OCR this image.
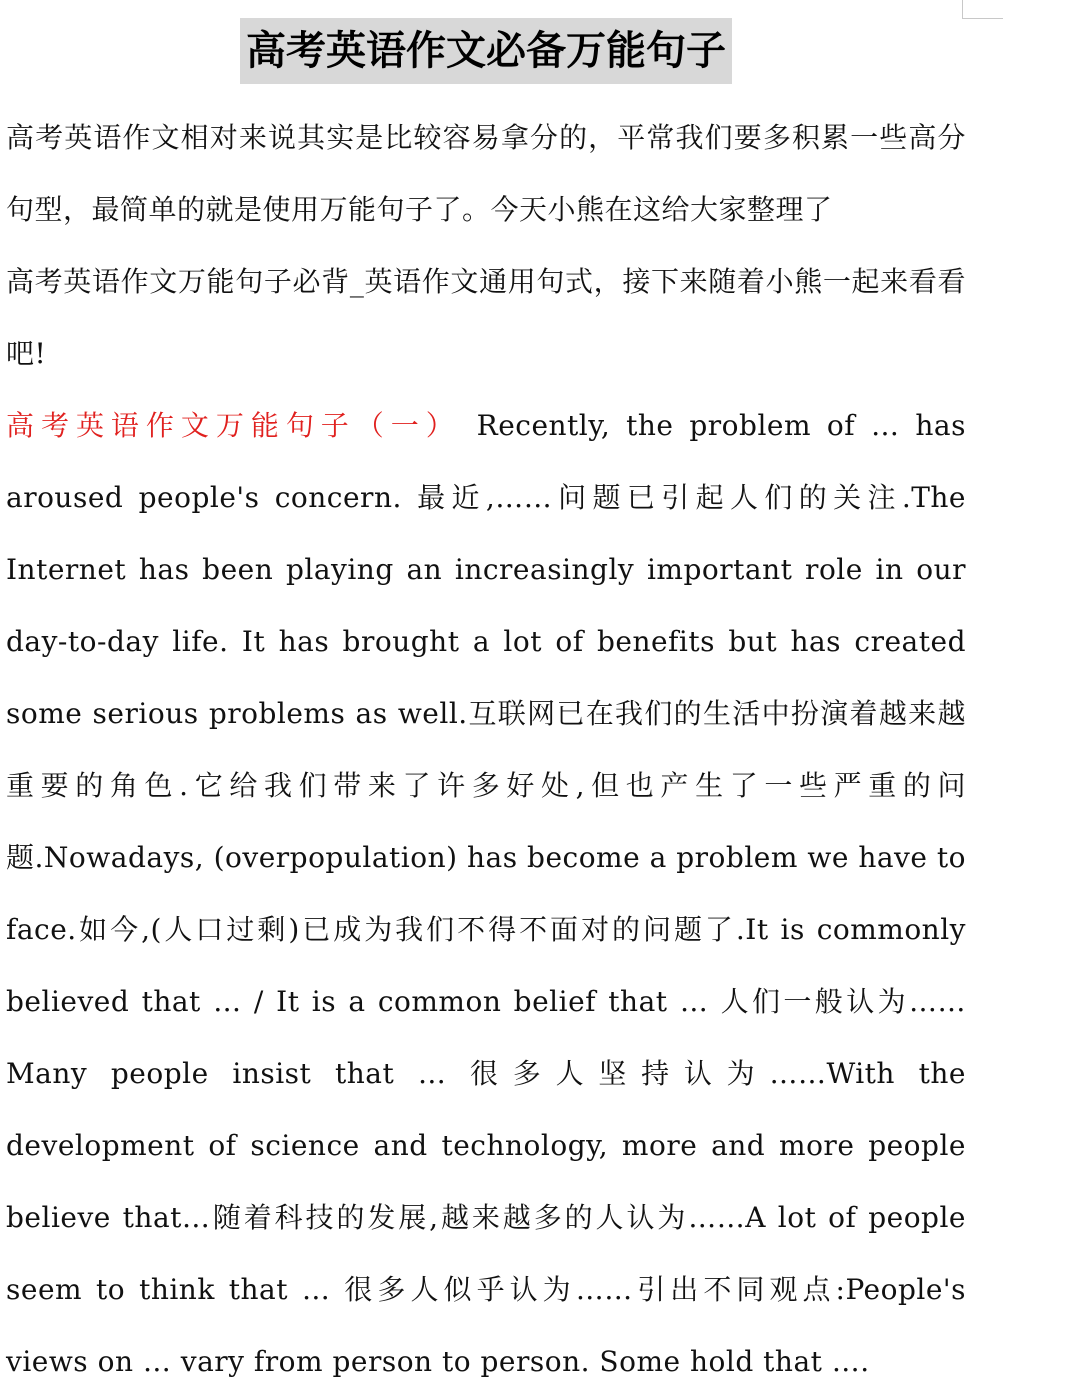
高考英语作文必备万能句子

高考英语作文相对来说其实是比较容易拿分的，平常我们要多积累一些高分句型，最简单的就是使用万能句子了。今天小熊在这给大家整理了

高考英语作文万能句子必背_英语作文通用句式，接下来随着小熊一起来看看吧!

高考英语作文万能句子（一） Recently, the problem of … has aroused people's concern. 最近,……问题已引起人们的关注.The Internet has been playing an increasingly important role in our day-to-day life. It has brought a lot of benefits but has created some serious problems as well.互联网已在我们的生活中扮演着越来越重要的角色.它给我们带来了许多好处,但也产生了一些严重的问题.Nowadays, (overpopulation) has become a problem we have to face.如今,(人口过剩)已成为我们不得不面对的问题了.It is commonly believed that … / It is a common belief that … 人们一般认为……Many people insist that … 很多人坚持认为……With the development of science and technology, more and more people believe that…随着科技的发展,越来越多的人认为……A lot of people seem to think that … 很多人似乎认为……引出不同观点:People's views on … vary from person to person. Some hold that ….
